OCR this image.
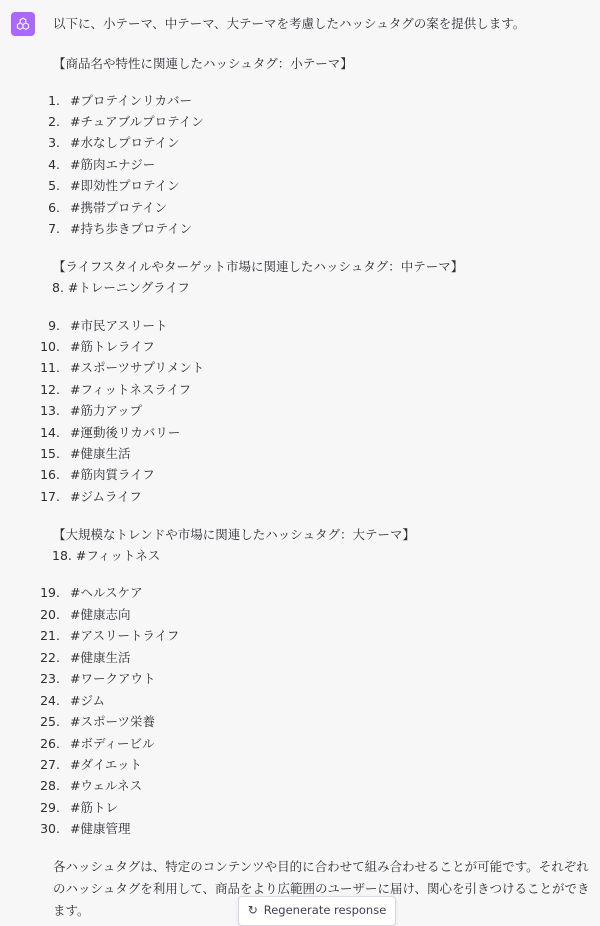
以下に、小テーマ、中テーマ、大テーマを考慮したハッシュタグの案を提供します。
【商品名や特性に関連したハッシュタグ：小テーマ】
1. #プロテインリカバー
2. #チュアブルプロテイン
3. #水なしプロテイン
4. #筋肉エナジー
5. #即効性プロテイン
6. #携帯プロテイン
7. #持ち歩きプロテイン
【ライフスタイルやターゲット市場に関連したハッシュタグ：中テーマ】
8. #トレーニングライフ
9. #市民アスリート
10. #筋トレライフ
11. #スポーツサプリメント
12. #フィットネスライフ
13. #筋力アップ
14. #運動後リカバリー
15. #健康生活
16. #筋肉質ライフ
17. #ジムライフ
【大規模なトレンドや市場に関連したハッシュタグ：大テーマ】
18. #フィットネス
19. #ヘルスケア
20. #健康志向
21. #アスリートライフ
22. #健康生活
23. #ワークアウト
24. #ジム
25. #スポーツ栄養
26. #ボディービル
27. #ダイエット
28. #ウェルネス
29. #筋トレ
30. #健康管理
各ハッシュタグは、特定のコンテンツや目的に合わせて組み合わせることが可能です。それぞれのハッシュタグを利用して、商品をより広範囲のユーザーに届け、関心を引きつけることができます。	↻ Regenerate response
